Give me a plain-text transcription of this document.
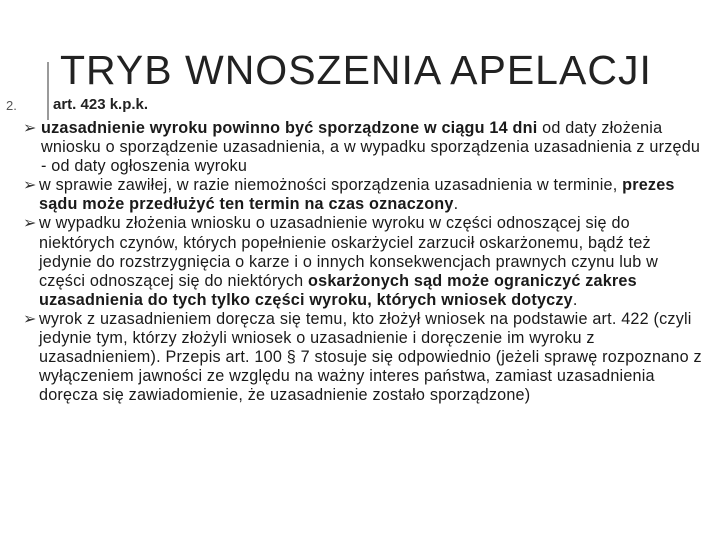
TRYB WNOSZENIA APELACJI
2. art. 423 k.p.k.
➢ uzasadnienie wyroku powinno być sporządzone w ciągu 14 dni od daty złożenia wniosku o sporządzenie uzasadnienia, a w wypadku sporządzenia uzasadnienia z urzędu - od daty ogłoszenia wyroku
➢ w sprawie zawiłej, w razie niemożności sporządzenia uzasadnienia w terminie, prezes sądu może przedłużyć ten termin na czas oznaczony.
➢ w wypadku złożenia wniosku o uzasadnienie wyroku w części odnoszącej się do niektórych czynów, których popełnienie oskarżyciel zarzucił oskarżonemu, bądź też jedynie do rozstrzygnięcia o karze i o innych konsekwencjach prawnych czynu lub w części odnoszącej się do niektórych oskarżonych sąd może ograniczyć zakres uzasadnienia do tych tylko części wyroku, których wniosek dotyczy.
➢ wyrok z uzasadnieniem doręcza się temu, kto złożył wniosek na podstawie art. 422 (czyli jedynie tym, którzy złożyli wniosek o uzasadnienie i doręczenie im wyroku z uzasadnieniem). Przepis art. 100 § 7 stosuje się odpowiednio (jeżeli sprawę rozpoznano z wyłączeniem jawności ze względu na ważny interes państwa, zamiast uzasadnienia doręcza się zawiadomienie, że uzasadnienie zostało sporządzone)
